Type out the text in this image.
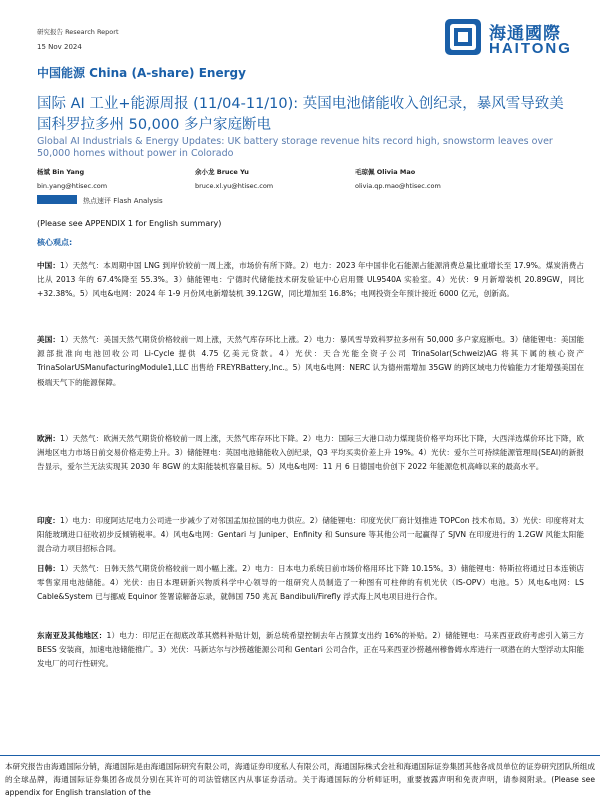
研究报告 Research Report
15 Nov 2024
海通國際
HAITONG
中国能源 China (A-share) Energy
国际 AI 工业+能源周报 (11/04-11/10): 英国电池储能收入创纪录，暴风雪导致美国科罗拉多州 50,000 多户家庭断电
Global AI Industrials & Energy Updates: UK battery storage revenue hits record high, snowstorm leaves over 50,000 homes without power in Colorado
杨斌 Bin Yang
bin.yang@htisec.com
余小龙 Bruce Yu
bruce.xl.yu@htisec.com
毛琼佩 Olivia Mao
olivia.qp.mao@htisec.com
热点速评 Flash Analysis
(Please see APPENDIX 1 for English summary)
核心观点:
中国：1）天然气：本周期中国 LNG 到岸价较前一周上涨，市场价有所下降。2）电力：2023 年中国非化石能源占能源消费总量比重增长至 17.9%。煤炭消费占比从 2013 年的 67.4%降至 55.3%。3）储能锂电：宁德时代储能技术研发验证中心启用暨 UL9540A 实验室。4）光伏：9 月新增装机 20.89GW，同比+32.38%。5）风电&电网：2024 年 1-9 月份风电新增装机 39.12GW，同比增加至 16.8%；电网投资全年预计接近 6000 亿元，创新高。
美国：1）天然气：美国天然气期货价格较前一周上涨，天然气库存环比上涨。2）电力：暴风雪导致科罗拉多州有 50,000 多户家庭断电。3）储能锂电：美国能源部批准向电池回收公司 Li-Cycle 提供 4.75 亿美元贷款。4）光伏：天合光能全资子公司 TrinaSolar(Schweiz)AG 将其下属的核心资产 TrinaSolarUSManufacturingModule1,LLC 出售给 FREYRBattery,Inc.。5）风电&电网：NERC 认为德州需增加 35GW 的跨区域电力传输能力才能增强美国在极端天气下的能源保障。
欧洲：1）天然气：欧洲天然气期货价格较前一周上涨，天然气库存环比下降。2）电力：国际三大港口动力煤现货价格平均环比下降，大西洋选煤价环比下降，欧洲地区电力市场日前交易价格走势上升。3）储能锂电：英国电池储能收入创纪录，Q3 平均买卖价差上升 19%。4）光伏：爱尔兰可持续能源管理局(SEAI)的新报告显示，爱尔兰无法实现其 2030 年 8GW 的太阳能装机容量目标。5）风电&电网：11 月 6 日德国电价创下 2022 年能源危机高峰以来的最高水平。
印度：1）电力：印度阿达尼电力公司进一步减少了对邻国孟加拉国的电力供应。2）储能锂电：印度光伏厂商计划推进 TOPCon 技术布局。3）光伏：印度将对太阳能玻璃进口征收初步反倾销税率。4）风电&电网：Gentari 与 Juniper、Enfinity 和 Sunsure 等其他公司一起赢得了 SJVN 在印度进行的 1.2GW 风能太阳能混合动力项目招标合同。
日韩：1）天然气：日韩天然气期货价格较前一周小幅上涨。2）电力：日本电力系统日前市场价格用环比下降 10.15%。3）储能锂电：特斯拉将通过日本连锁店零售家用电池储能。4）光伏：由日本理研新兴物质科学中心领导的一组研究人员制造了一种图有可柱伸的有机光伏（IS-OPV）电池。5）风电&电网：LS Cable&System 已与挪威 Equinor 签署谅解备忘录，就韩国 750 兆瓦 Bandibuli/Firefly 浮式海上风电项目进行合作。
东南亚及其他地区：1）电力：印尼正在彻底改革其燃料补贴计划，新总统希望控制去年占预算支出约 16%的补贴。2）储能锂电：马来西亚政府考虑引入第三方 BESS 安装商，加速电池储能推广。3）光伏：马新达尔与沙捞越能源公司和 Gentari 公司合作，正在马来西亚沙捞越州穆鲁姆水库进行一项潜在的大型浮动太阳能发电厂的可行性研究。
本研究报告由海通国际分销，海通国际是由海通国际研究有限公司，海通证券印度私人有限公司，海通国际株式会社和海通国际证券集团其他各成员单位的证券研究团队所组成的全球品牌，海通国际证券集团各成员分别在其许可的司法管辖区内从事证券活动。关于海通国际的分析师证明，重要披露声明和免责声明，请参阅附录。(Please see appendix for English translation of the
